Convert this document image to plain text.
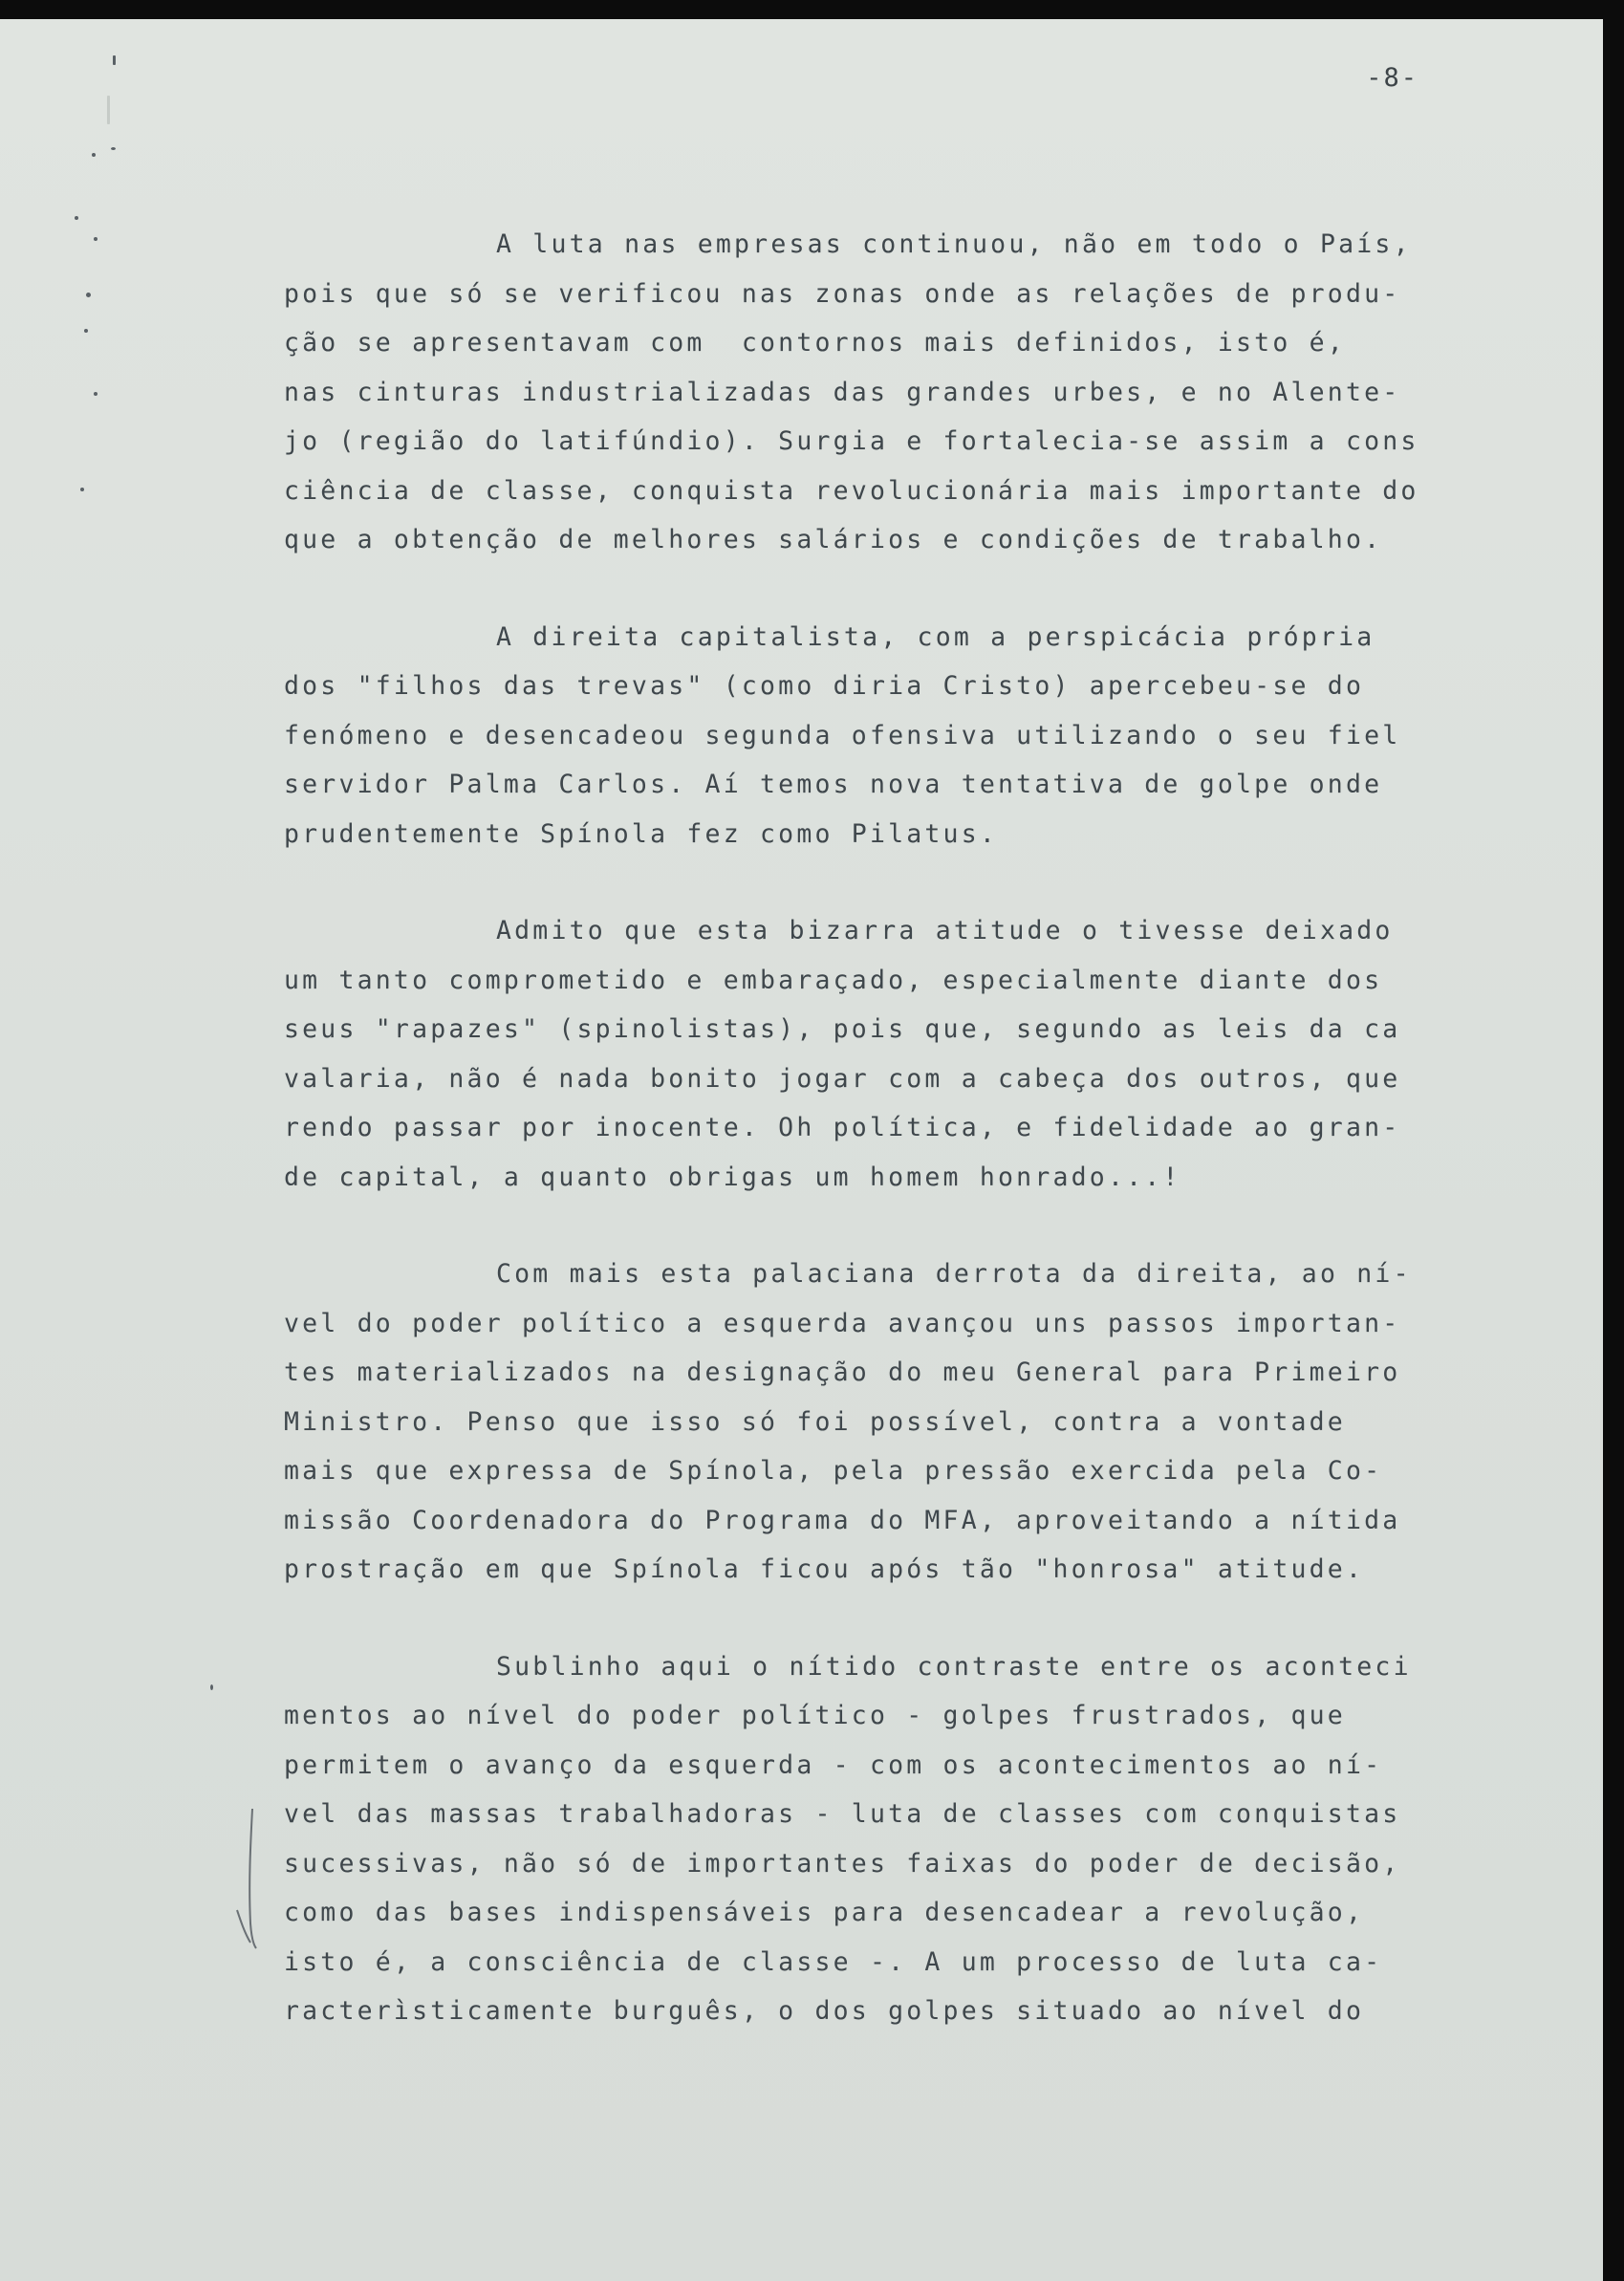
-8-
A luta nas empresas continuou, não em todo o País,
pois que só se verificou nas zonas onde as relações de produ-
ção se apresentavam com  contornos mais definidos, isto é,
nas cinturas industrializadas das grandes urbes, e no Alente-
jo (região do latifúndio). Surgia e fortalecia-se assim a cons
ciência de classe, conquista revolucionária mais importante do
que a obtenção de melhores salários e condições de trabalho.
A direita capitalista, com a perspicácia própria
dos "filhos das trevas" (como diria Cristo) apercebeu-se do
fenómeno e desencadeou segunda ofensiva utilizando o seu fiel
servidor Palma Carlos. Aí temos nova tentativa de golpe onde
prudentemente Spínola fez como Pilatus.
Admito que esta bizarra atitude o tivesse deixado
um tanto comprometido e embaraçado, especialmente diante dos
seus "rapazes" (spinolistas), pois que, segundo as leis da ca
valaria, não é nada bonito jogar com a cabeça dos outros, que
rendo passar por inocente. Oh política, e fidelidade ao gran-
de capital, a quanto obrigas um homem honrado...!
Com mais esta palaciana derrota da direita, ao ní-
vel do poder político a esquerda avançou uns passos importan-
tes materializados na designação do meu General para Primeiro
Ministro. Penso que isso só foi possível, contra a vontade
mais que expressa de Spínola, pela pressão exercida pela Co-
missão Coordenadora do Programa do MFA, aproveitando a nítida
prostração em que Spínola ficou após tão "honrosa" atitude.
Sublinho aqui o nítido contraste entre os aconteci
mentos ao nível do poder político - golpes frustrados, que
permitem o avanço da esquerda - com os acontecimentos ao ní-
vel das massas trabalhadoras - luta de classes com conquistas
sucessivas, não só de importantes faixas do poder de decisão,
como das bases indispensáveis para desencadear a revolução,
isto é, a consciência de classe -. A um processo de luta ca-
racterìsticamente burguês, o dos golpes situado ao nível do
